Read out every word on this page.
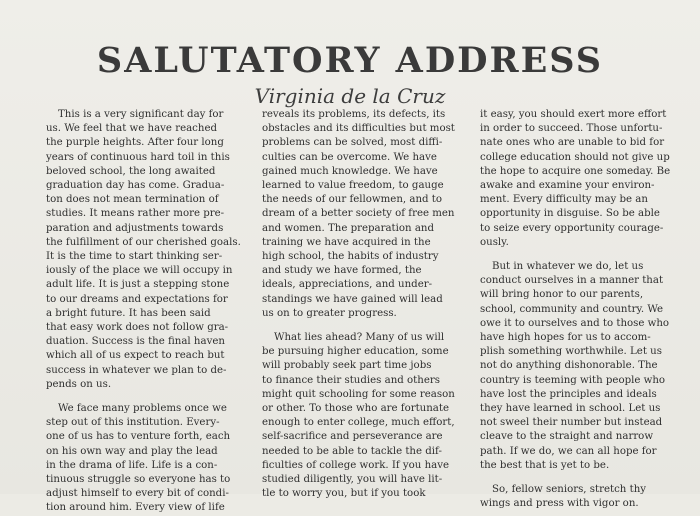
SALUTATORY ADDRESS
Virginia de la Cruz
This is a very significant day for
us. We feel that we have reached
the purple heights. After four long
years of continuous hard toil in this
beloved school, the long awaited
graduation day has come. Gradua-
ton does not mean termination of
studies. It means rather more pre-
paration and adjustments towards
the fulfillment of our cherished goals.
It is the time to start thinking ser-
iously of the place we will occupy in
adult life. It is just a stepping stone
to our dreams and expectations for
a bright future. It has been said
that easy work does not follow gra-
duation. Success is the final haven
which all of us expect to reach but
success in whatever we plan to de-
pends on us.
We face many problems once we
step out of this institution. Every-
one of us has to venture forth, each
on his own way and play the lead
in the drama of life. Life is a con-
tinuous struggle so everyone has to
adjust himself to every bit of condi-
tion around him. Every view of life
reveals its problems, its defects, its
obstacles and its difficulties but most
problems can be solved, most diffi-
culties can be overcome. We have
gained much knowledge. We have
learned to value freedom, to gauge
the needs of our fellowmen, and to
dream of a better society of free men
and women. The preparation and
training we have acquired in the
high school, the habits of industry
and study we have formed, the
ideals, appreciations, and under-
standings we have gained will lead
us on to greater progress.
What lies ahead? Many of us will
be pursuing higher education, some
will probably seek part time jobs
to finance their studies and others
might quit schooling for some reason
or other. To those who are fortunate
enough to enter college, much effort,
self-sacrifice and perseverance are
needed to be able to tackle the dif-
ficulties of college work. If you have
studied diligently, you will have lit-
tle to worry you, but if you took
it easy, you should exert more effort
in order to succeed. Those unfortu-
nate ones who are unable to bid for
college education should not give up
the hope to acquire one someday. Be
awake and examine your environ-
ment. Every difficulty may be an
opportunity in disguise. So be able
to seize every opportunity courage-
ously.
But in whatever we do, let us
conduct ourselves in a manner that
will bring honor to our parents,
school, community and country. We
owe it to ourselves and to those who
have high hopes for us to accom-
plish something worthwhile. Let us
not do anything dishonorable. The
country is teeming with people who
have lost the principles and ideals
they have learned in school. Let us
not sweel their number but instead
cleave to the straight and narrow
path. If we do, we can all hope for
the best that is yet to be.
So, fellow seniors, stretch thy
wings and press with vigor on.
